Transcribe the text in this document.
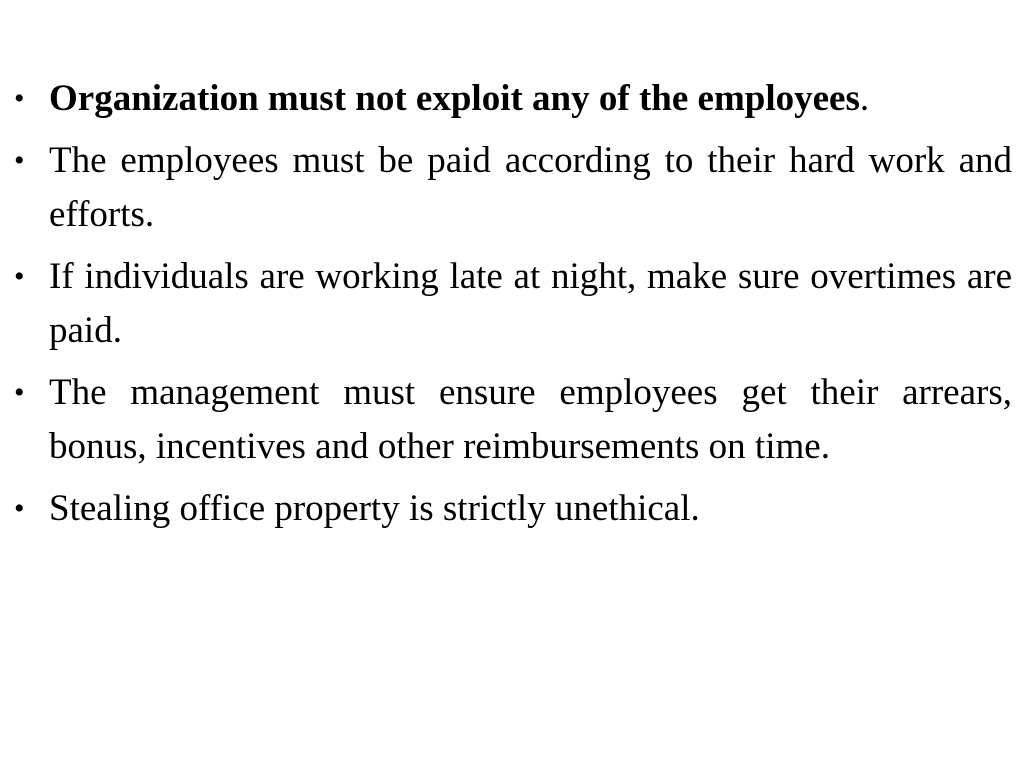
• Organization must not exploit any of the employees.
• The employees must be paid according to their hard work and efforts.
• If individuals are working late at night, make sure overtimes are paid.
• The management must ensure employees get their arrears, bonus, incentives and other reimbursements on time.
• Stealing office property is strictly unethical.
